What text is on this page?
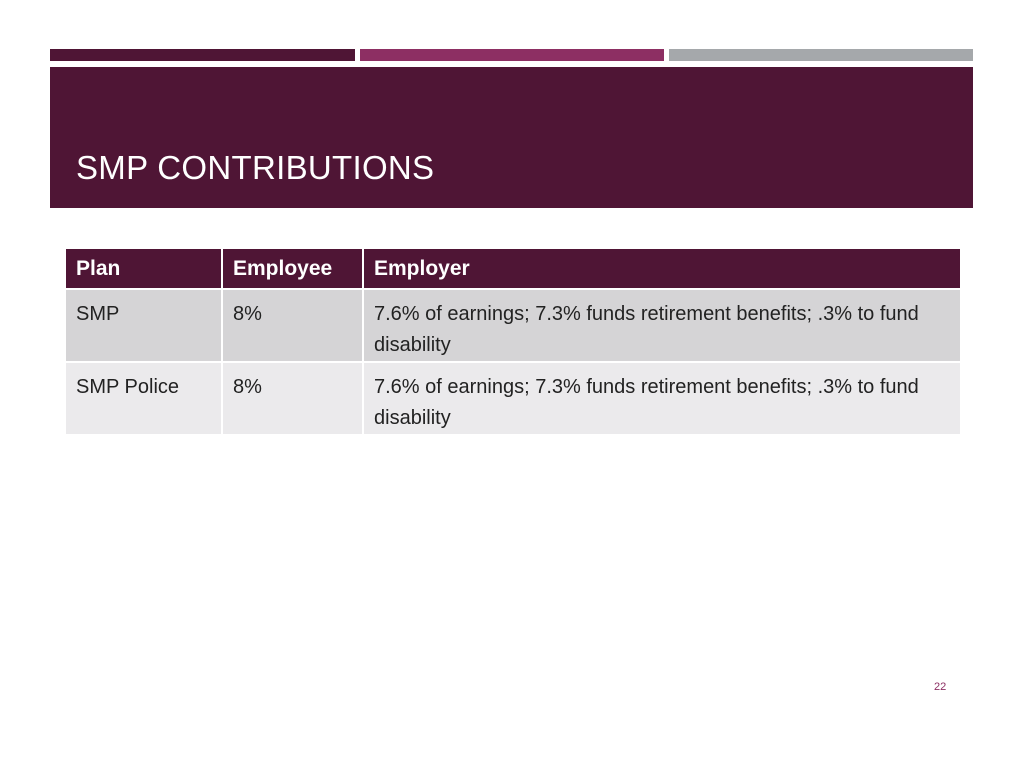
SMP CONTRIBUTIONS
Plan	Employee	Employer
SMP	8%	7.6% of earnings; 7.3% funds retirement benefits; .3% to fund disability
SMP Police	8%	7.6% of earnings; 7.3% funds retirement benefits; .3% to fund disability
22
